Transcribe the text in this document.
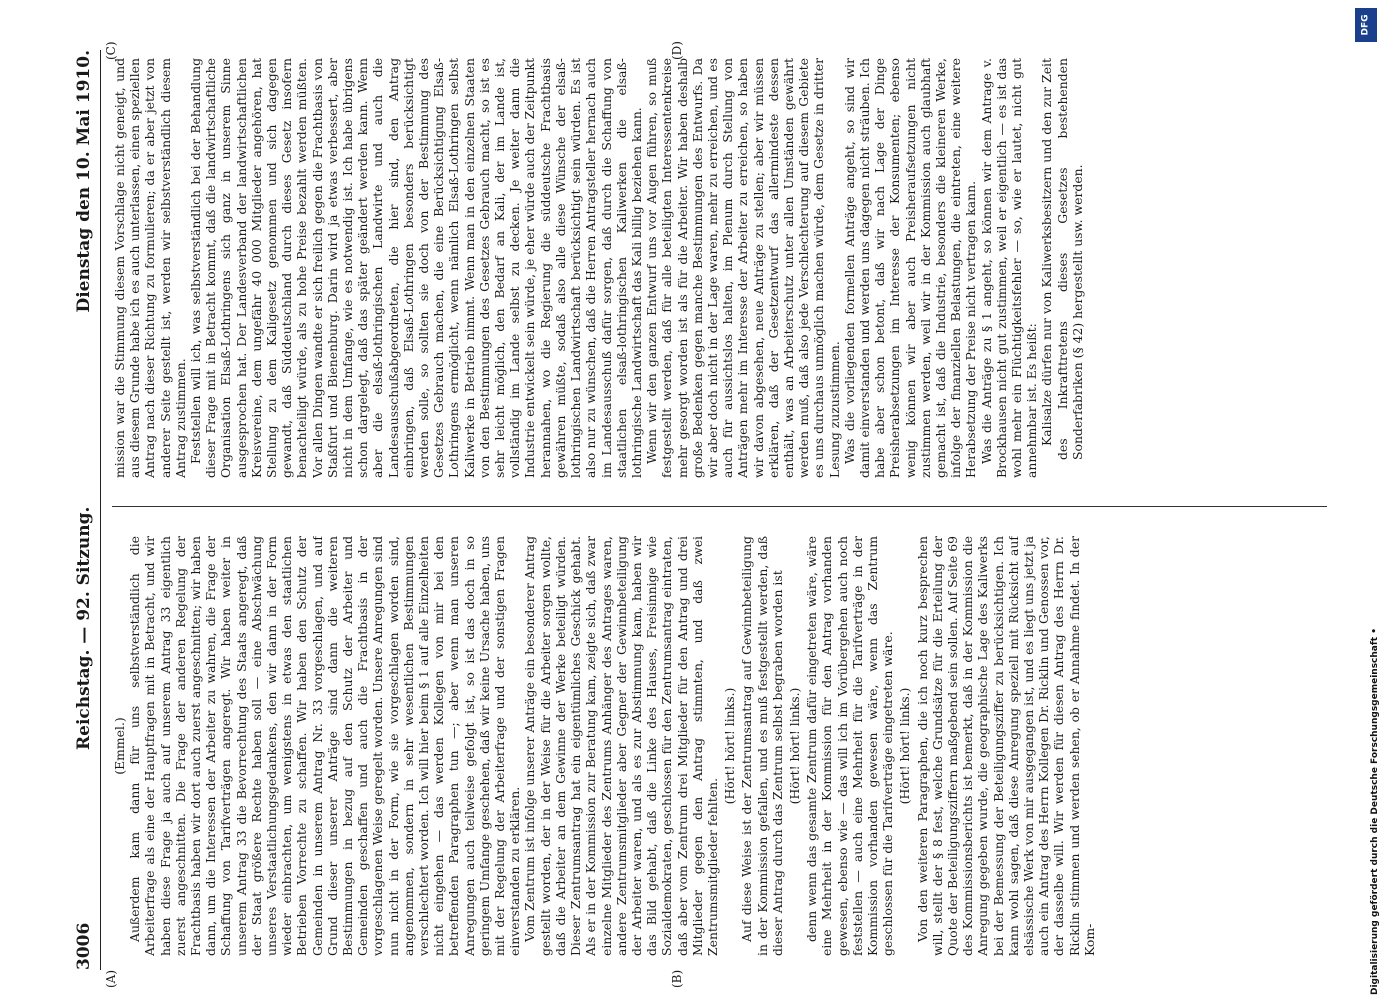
3006
Reichstag. — 92. Sitzung.
Dienstag den 10. Mai 1910.
(A)	(B)
(C)	(D)

(Emmel.) Außerdem kam dann für uns selbstverständlich die Arbeiterfrage als eine der Hauptfragen mit in Betracht, und wir haben diese Frage ja auch auf unserem Antrag 33 eigentlich zuerst angeschnitten. Die Frage der anderen Regelung der Frachtbasis haben wir dort auch zuerst angeschnitten; wir haben dann, um die Interessen der Arbeiter zu wahren, die Frage der Schaffung von Tarifverträgen angeregt. Wir haben weiter in unserem Antrag 33 die Bevorrechtung des Staats angeregt, daß der Staat größere Rechte haben soll — eine Abschwächung unseres Verstaatlichungsgedankens, den wir dann in der Form wieder einbrachten, um wenigstens in etwas den staatlichen Betrieben Vorrechte zu schaffen. Wir haben den Schutz der Gemeinden in unserem Antrag Nr. 33 vorgeschlagen, und auf Grund dieser unserer Anträge sind dann die weiteren Bestimmungen in bezug auf den Schutz der Arbeiter und Gemeinden geschaffen und auch die Frachtbasis in der vorgeschlagenen Weise geregelt worden. Unsere Anregungen sind nun nicht in der Form, wie sie vorgeschlagen worden sind, angenommen, sondern in sehr wesentlichen Bestimmungen verschlechtert worden. Ich will hier beim § 1 auf alle Einzelheiten nicht eingehen — das werden Kollegen von mir bei den betreffenden Paragraphen tun —; aber wenn man unseren Anregungen auch teilweise gefolgt ist, so ist das doch in so geringem Umfange geschehen, daß wir keine Ursache haben, uns mit der Regelung der Arbeiterfrage und der sonstigen Fragen einverstanden zu erklären. Vom Zentrum ist infolge unserer Anträge ein besonderer Antrag gestellt worden, der in der Weise für die Arbeiter sorgen wollte, daß die Arbeiter an dem Gewinne der Werke beteiligt würden. Dieser Zentrumsantrag hat ein eigentümliches Geschick gehabt. Als er in der Kommission zur Beratung kam, zeigte sich, daß zwar einzelne Mitglieder des Zentrums Anhänger des Antrages waren, andere Zentrumsmitglieder aber Gegner der Gewinnbeteiligung der Arbeiter waren, und als es zur Abstimmung kam, haben wir das Bild gehabt, daß die Linke des Hauses, Freisinnige wie Sozialdemokraten, geschlossen für den Zentrumsantrag eintraten, daß aber vom Zentrum drei Mitglieder für den Antrag und drei Mitglieder gegen den Antrag stimmten, und daß zwei Zentrumsmitglieder fehlten.

(Hört! hört! links.) Auf diese Weise ist der Zentrumsantrag auf Gewinnbeteiligung in der Kommission gefallen, und es muß festgestellt werden, daß dieser Antrag durch das Zentrum selbst begraben worden ist (Hört! hört! links.) denn wenn das gesamte Zentrum dafür eingetreten wäre, wäre eine Mehrheit in der Kommission für den Antrag vorhanden gewesen, ebenso wie — das will ich im Vorübergehen auch noch feststellen — auch eine Mehrheit für die Tarifverträge in der Kommission vorhanden gewesen wäre, wenn das Zentrum geschlossen für die Tarifverträge eingetreten wäre. (Hört! hört! links.) Von den weiteren Paragraphen, die ich noch kurz besprechen will, stellt der § 8 fest, welche Grundsätze für die Erteilung der Quote der Beteiligungsziffern maßgebend sein sollen. Auf Seite 69 des Kommissionsberichts ist bemerkt, daß in der Kommission die Anregung gegeben wurde, die geographische Lage des Kaliwerks bei der Bemessung der Beteiligungsziffer zu berücksichtigen. Ich kann wohl sagen, daß diese Anregung speziell mit Rücksicht auf elsässische Werk von mir ausgegangen ist, und es liegt uns jetzt ja auch ein Antrag des Herrn Kollegen Dr. Ricklin und Genossen vor, der dasselbe will. Wir werden für diesen Antrag des Herrn Dr. Ricklin stimmen und werden sehen, ob er Annahme findet. In der Kom-

mission war die Stimmung diesem Vorschlage nicht geneigt, und aus diesem Grunde habe ich es auch unterlassen, einen speziellen Antrag nach dieser Richtung zu formulieren; da er aber jetzt von anderer Seite gestellt ist, werden wir selbstverständlich diesem Antrag zustimmen. Feststellen will ich, was selbstverständlich bei der Behandlung dieser Frage mit in Betracht kommt, daß die landwirtschaftliche Organisation Elsaß-Lothringens sich ganz in unserem Sinne ausgesprochen hat. Der Landesverband der landwirtschaftlichen Kreisvereine, dem ungefähr 40 000 Mitglieder angehören, hat Stellung zu dem Kaligesetz genommen und sich dagegen gewandt, daß Süddeutschland durch dieses Gesetz insofern benachteiligt würde, als zu hohe Preise bezahlt werden müßten. Vor allen Dingen wandte er sich freilich gegen die Frachtbasis von Staßfurt und Bienenburg. Darin wird ja etwas verbessert, aber nicht in dem Umfange, wie es notwendig ist. Ich habe übrigens schon dargelegt, daß das später geändert werden kann. Wenn aber die elsaß-lothringischen Landwirte und auch die Landesausschußabgeordneten, die hier sind, den Antrag einbringen, daß Elsaß-Lothringen besonders berücksichtigt werden solle, so sollten sie doch von der Bestimmung des Gesetzes Gebrauch machen, die eine Berücksichtigung Elsaß-Lothringens ermöglicht, wenn nämlich Elsaß-Lothringen selbst Kaliwerke in Betrieb nimmt. Wenn man in den einzelnen Staaten von den Bestimmungen des Gesetzes Gebrauch macht, so ist es sehr leicht möglich, den Bedarf an Kali, der im Lande ist, vollständig im Lande selbst zu decken. Je weiter dann die Industrie entwickelt sein würde, je eher würde auch der Zeitpunkt herannahen, wo die Regierung die süddeutsche Frachtbasis gewähren müßte, sodaß also alle diese Wünsche der elsaß-lothringischen Landwirtschaft berücksichtigt sein würden. Es ist also nur zu wünschen, daß die Herren Antragsteller hernach auch im Landesausschuß dafür sorgen, daß durch die Schaffung von staatlichen elsaß-lothringischen Kaliwerken die elsaß-lothringische Landwirtschaft das Kali billig beziehen kann. Wenn wir den ganzen Entwurf uns vor Augen führen, so muß festgestellt werden, daß für alle beteiligten Interessentenkreise mehr gesorgt worden ist als für die Arbeiter. Wir haben deshalb große Bedenken gegen manche Bestimmungen des Entwurfs. Da wir aber doch nicht in der Lage waren, mehr zu erreichen, und es auch für aussichtslos halten, im Plenum durch Stellung von Anträgen mehr im Interesse der Arbeiter zu erreichen, so haben wir davon abgesehen, neue Anträge zu stellen; aber wir müssen erklären, daß der Gesetzentwurf das allermindeste dessen enthält, was an Arbeiterschutz unter allen Umständen gewährt werden muß, daß also jede Verschlechterung auf diesem Gebiete es uns durchaus unmöglich machen würde, dem Gesetze in dritter Lesung zuzustimmen. Was die vorliegenden formellen Anträge angeht, so sind wir damit einverstanden und werden uns dagegen nicht sträuben. Ich habe aber schon betont, daß wir nach Lage der Dinge Preisherabsetzungen im Interesse der Konsumenten; ebenso wenig können wir aber auch Preisheraufsetzungen nicht zustimmen werden, weil wir in der Kommission auch glaubhaft gemacht ist, daß die Industrie, besonders die kleineren Werke, infolge der finanziellen Belastungen, die eintreten, eine weitere Herabsetzung der Preise nicht vertragen kann. Was die Anträge zu § 1 angeht, so können wir dem Antrage v. Brockhausen nicht gut zustimmen, weil er eigentlich — es ist das wohl mehr ein Flüchtigkeitsfehler — so, wie er lautet, nicht gut annehmbar ist. Es heißt: Kalisalze dürfen nur von Kaliwerksbesitzern und den zur Zeit des Inkrafttretens dieses Gesetzes bestehenden Sonderfabriken (§ 42) hergestellt usw. werden.

Digitalisierung gefördert durch die Deutsche Forschungsgemeinschaft •
DFG
